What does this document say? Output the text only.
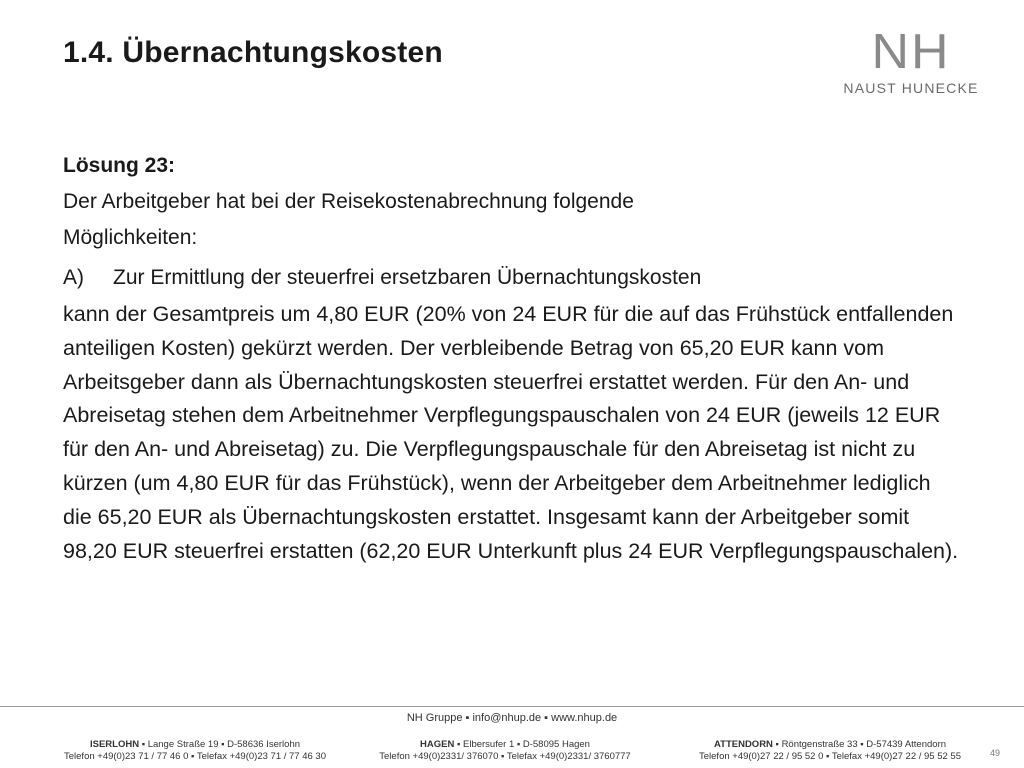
1.4. Übernachtungskosten	NH
NAUST HUNECKE

Lösung 23:

Der Arbeitgeber hat bei der Reisekostenabrechnung folgende

Möglichkeiten:

A)	Zur Ermittlung der steuerfrei ersetzbaren Übernachtungskosten

kann der Gesamtpreis um 4,80 EUR (20% von 24 EUR für die auf das Frühstück entfallenden anteiligen Kosten) gekürzt werden. Der verbleibende Betrag von 65,20 EUR kann vom Arbeitsgeber dann als Übernachtungskosten steuerfrei erstattet werden. Für den An- und Abreisetag stehen dem Arbeitnehmer Verpflegungspauschalen von 24 EUR (jeweils 12 EUR für den An- und Abreisetag) zu. Die Verpflegungspauschale für den Abreisetag ist nicht zu kürzen (um 4,80 EUR für das Frühstück), wenn der Arbeitgeber dem Arbeitnehmer lediglich die 65,20 EUR als Übernachtungskosten erstattet. Insgesamt kann der Arbeitgeber somit 98,20 EUR steuerfrei erstatten (62,20 EUR Unterkunft plus 24 EUR Verpflegungspauschalen).

NH Gruppe ▪ info@nhup.de ▪ www.nhup.de
ISERLOHN ▪ Lange Straße 19 ▪ D-58636 Iserlohn
Telefon +49(0)23 71 / 77 46 0 ▪ Telefax +49(0)23 71 / 77 46 30
HAGEN ▪ Elbersufer 1 ▪ D-58095 Hagen
Telefon +49(0)2331/ 376070 ▪ Telefax +49(0)2331/ 3760777
ATTENDORN ▪ Röntgenstraße 33 ▪ D-57439 Attendorn
Telefon +49(0)27 22 / 95 52 0 ▪ Telefax +49(0)27 22 / 95 52 55	49
